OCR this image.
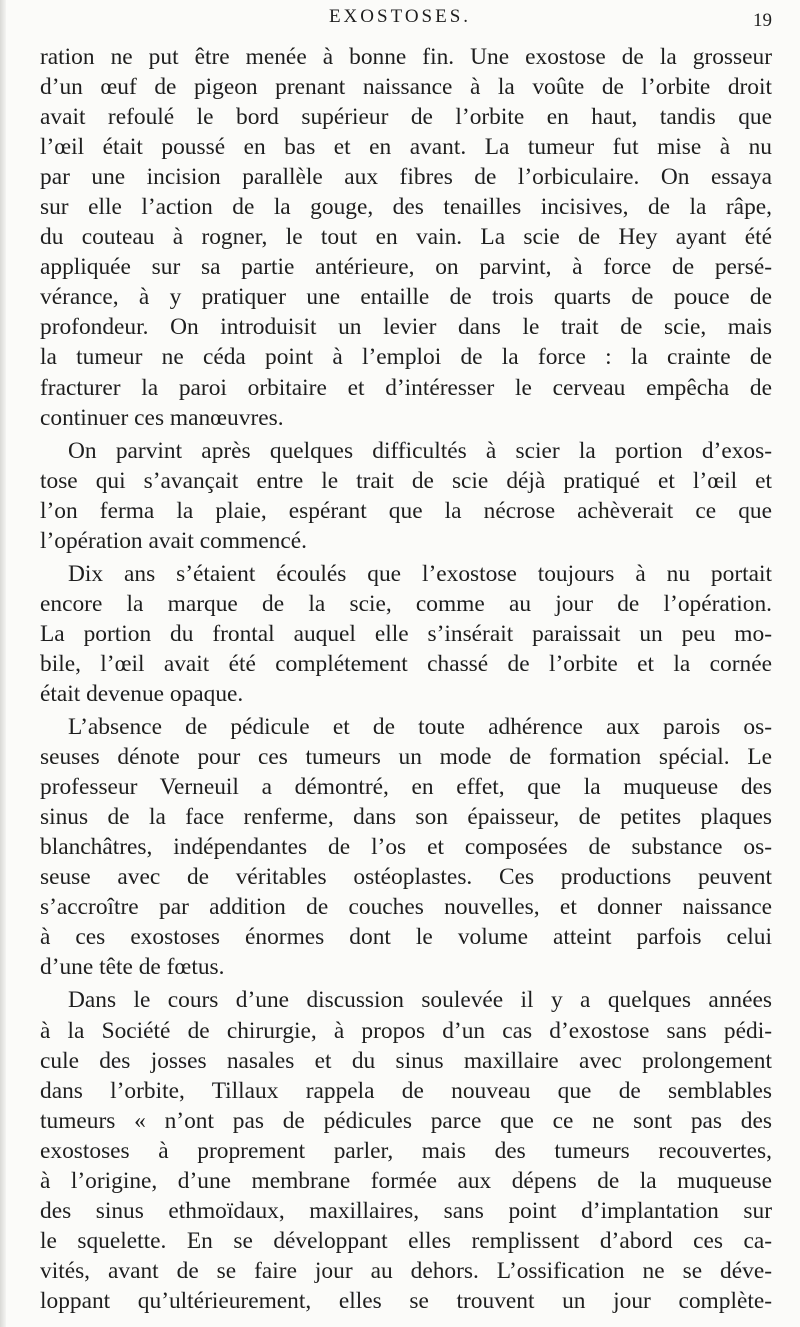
EXOSTOSES.	19

ration ne put être menée à bonne fin. Une exostose de la grosseur
d’un œuf de pigeon prenant naissance à la voûte de l’orbite droit
avait refoulé le bord supérieur de l’orbite en haut, tandis que
l’œil était poussé en bas et en avant. La tumeur fut mise à nu
par une incision parallèle aux fibres de l’orbiculaire. On essaya
sur elle l’action de la gouge, des tenailles incisives, de la râpe,
du couteau à rogner, le tout en vain. La scie de Hey ayant été
appliquée sur sa partie antérieure, on parvint, à force de persé-
vérance, à y pratiquer une entaille de trois quarts de pouce de
profondeur. On introduisit un levier dans le trait de scie, mais
la tumeur ne céda point à l’emploi de la force : la crainte de
fracturer la paroi orbitaire et d’intéresser le cerveau empêcha de
continuer ces manœuvres.

On parvint après quelques difficultés à scier la portion d’exos-
tose qui s’avançait entre le trait de scie déjà pratiqué et l’œil et
l’on ferma la plaie, espérant que la nécrose achèverait ce que
l’opération avait commencé.

Dix ans s’étaient écoulés que l’exostose toujours à nu portait
encore la marque de la scie, comme au jour de l’opération.
La portion du frontal auquel elle s’insérait paraissait un peu mo-
bile, l’œil avait été complétement chassé de l’orbite et la cornée
était devenue opaque.

L’absence de pédicule et de toute adhérence aux parois os-
seuses dénote pour ces tumeurs un mode de formation spécial. Le
professeur Verneuil a démontré, en effet, que la muqueuse des
sinus de la face renferme, dans son épaisseur, de petites plaques
blanchâtres, indépendantes de l’os et composées de substance os-
seuse avec de véritables ostéoplastes. Ces productions peuvent
s’accroître par addition de couches nouvelles, et donner naissance
à ces exostoses énormes dont le volume atteint parfois celui
d’une tête de fœtus.

Dans le cours d’une discussion soulevée il y a quelques années
à la Société de chirurgie, à propos d’un cas d’exostose sans pédi-
cule des josses nasales et du sinus maxillaire avec prolongement
dans l’orbite, Tillaux rappela de nouveau que de semblables
tumeurs « n’ont pas de pédicules parce que ce ne sont pas des
exostoses à proprement parler, mais des tumeurs recouvertes,
à l’origine, d’une membrane formée aux dépens de la muqueuse
des sinus ethmoïdaux, maxillaires, sans point d’implantation sur
le squelette. En se développant elles remplissent d’abord ces ca-
vités, avant de se faire jour au dehors. L’ossification ne se déve-
loppant qu’ultérieurement, elles se trouvent un jour complète-
